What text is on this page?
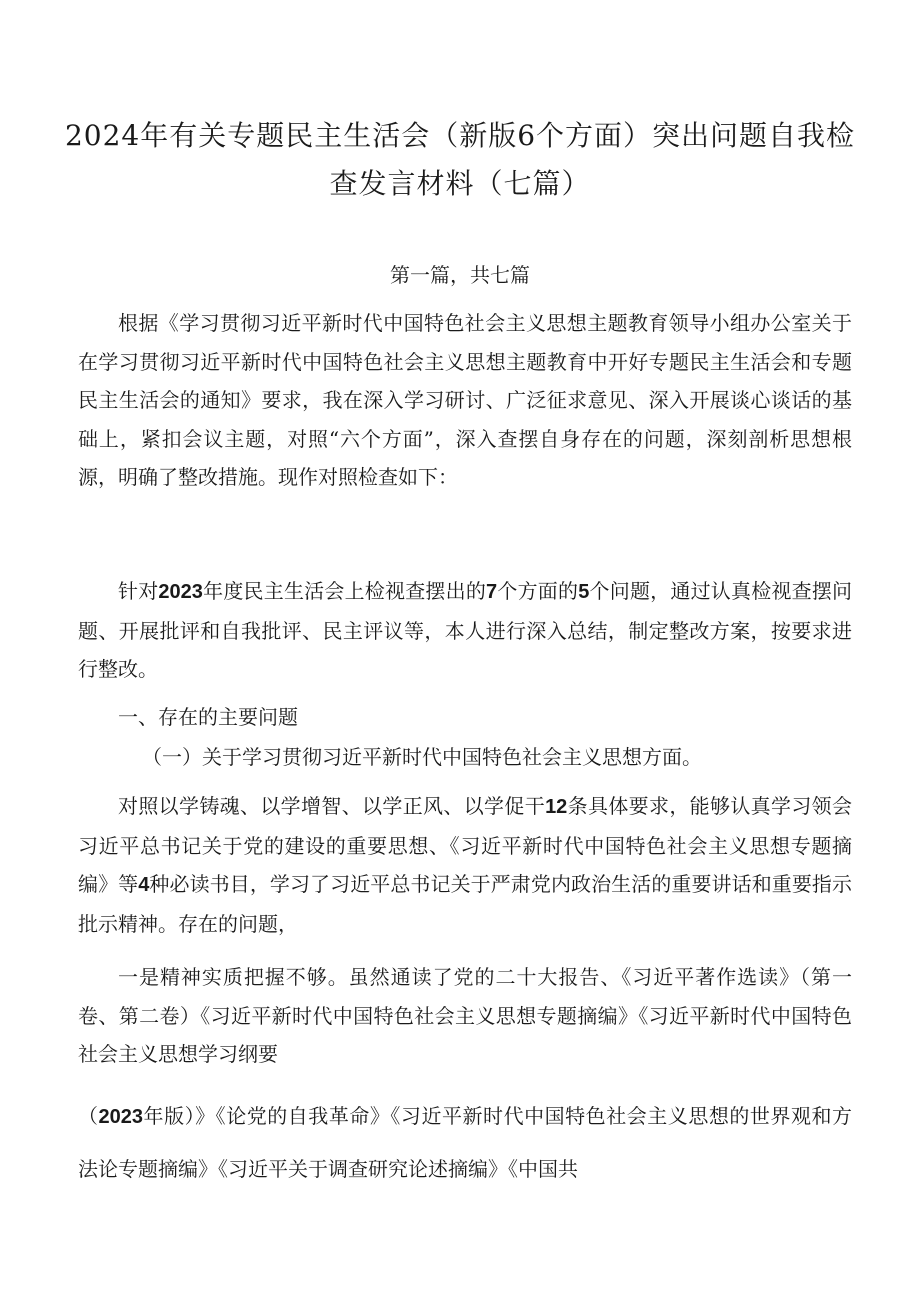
2024年有关专题民主生活会（新版6个方面）突出问题自我检查发言材料（七篇）
第一篇，共七篇

根据《学习贯彻习近平新时代中国特色社会主义思想主题教育领导小组办公室关于在学习贯彻习近平新时代中国特色社会主义思想主题教育中开好专题民主生活会和专题民主生活会的通知》要求，我在深入学习研讨、广泛征求意见、深入开展谈心谈话的基础上，紧扣会议主题，对照“六个方面”，深入查摆自身存在的问题，深刻剖析思想根源，明确了整改措施。现作对照检查如下：

针对2023年度民主生活会上检视查摆出的7个方面的5个问题，通过认真检视查摆问题、开展批评和自我批评、民主评议等，本人进行深入总结，制定整改方案，按要求进行整改。

一、存在的主要问题
（一）关于学习贯彻习近平新时代中国特色社会主义思想方面。

对照以学铸魂、以学增智、以学正风、以学促干12条具体要求，能够认真学习领会习近平总书记关于党的建设的重要思想、《习近平新时代中国特色社会主义思想专题摘编》等4种必读书目，学习了习近平总书记关于严肃党内政治生活的重要讲话和重要指示批示精神。存在的问题，

一是精神实质把握不够。虽然通读了党的二十大报告、《习近平著作选读》（第一卷、第二卷）《习近平新时代中国特色社会主义思想专题摘编》《习近平新时代中国特色社会主义思想学习纲要

（2023年版）》《论党的自我革命》《习近平新时代中国特色社会主义思想的世界观和方法论专题摘编》《习近平关于调查研究论述摘编》《中国共
